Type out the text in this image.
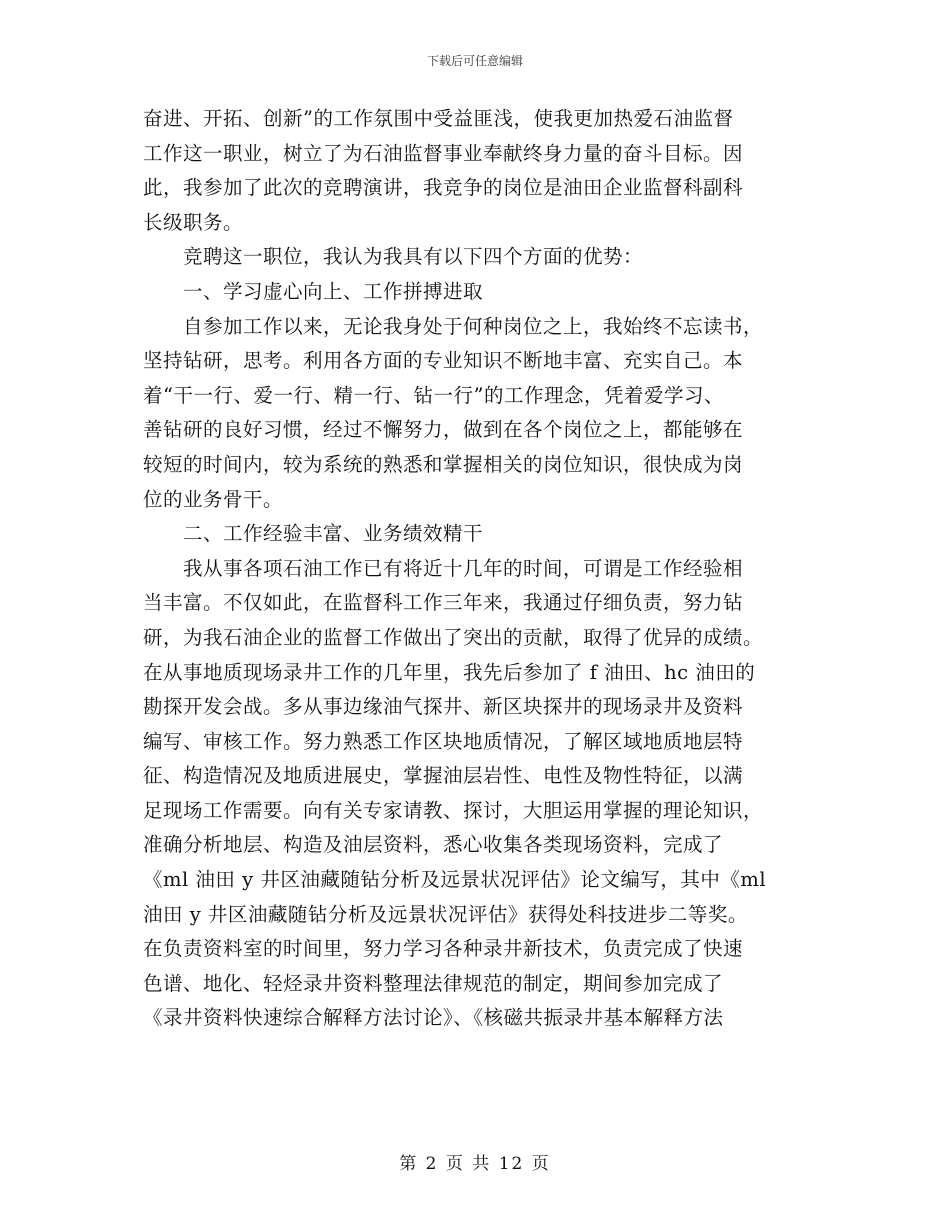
下载后可任意编辑
奋进、开拓、创新”的工作氛围中受益匪浅，使我更加热爱石油监督
工作这一职业，树立了为石油监督事业奉献终身力量的奋斗目标。因
此，我参加了此次的竞聘演讲，我竞争的岗位是油田企业监督科副科
长级职务。
　　竞聘这一职位，我认为我具有以下四个方面的优势：
　　一、学习虚心向上、工作拼搏进取
　　自参加工作以来，无论我身处于何种岗位之上，我始终不忘读书，
坚持钻研，思考。利用各方面的专业知识不断地丰富、充实自己。本
着“干一行、爱一行、精一行、钻一行”的工作理念，凭着爱学习、
善钻研的良好习惯，经过不懈努力，做到在各个岗位之上，都能够在
较短的时间内，较为系统的熟悉和掌握相关的岗位知识，很快成为岗
位的业务骨干。
　　二、工作经验丰富、业务绩效精干
　　我从事各项石油工作已有将近十几年的时间，可谓是工作经验相
当丰富。不仅如此，在监督科工作三年来，我通过仔细负责，努力钻
研，为我石油企业的监督工作做出了突出的贡献，取得了优异的成绩。
在从事地质现场录井工作的几年里，我先后参加了 f 油田、hc 油田的
勘探开发会战。多从事边缘油气探井、新区块探井的现场录井及资料
编写、审核工作。努力熟悉工作区块地质情况，了解区域地质地层特
征、构造情况及地质进展史，掌握油层岩性、电性及物性特征，以满
足现场工作需要。向有关专家请教、探讨，大胆运用掌握的理论知识，
准确分析地层、构造及油层资料，悉心收集各类现场资料，完成了
《ml 油田 y 井区油藏随钻分析及远景状况评估》论文编写，其中《ml
油田 y 井区油藏随钻分析及远景状况评估》获得处科技进步二等奖。
在负责资料室的时间里，努力学习各种录井新技术，负责完成了快速
色谱、地化、轻烃录井资料整理法律规范的制定，期间参加完成了
《录井资料快速综合解释方法讨论》、《核磁共振录井基本解释方法
第 2 页 共 12 页
